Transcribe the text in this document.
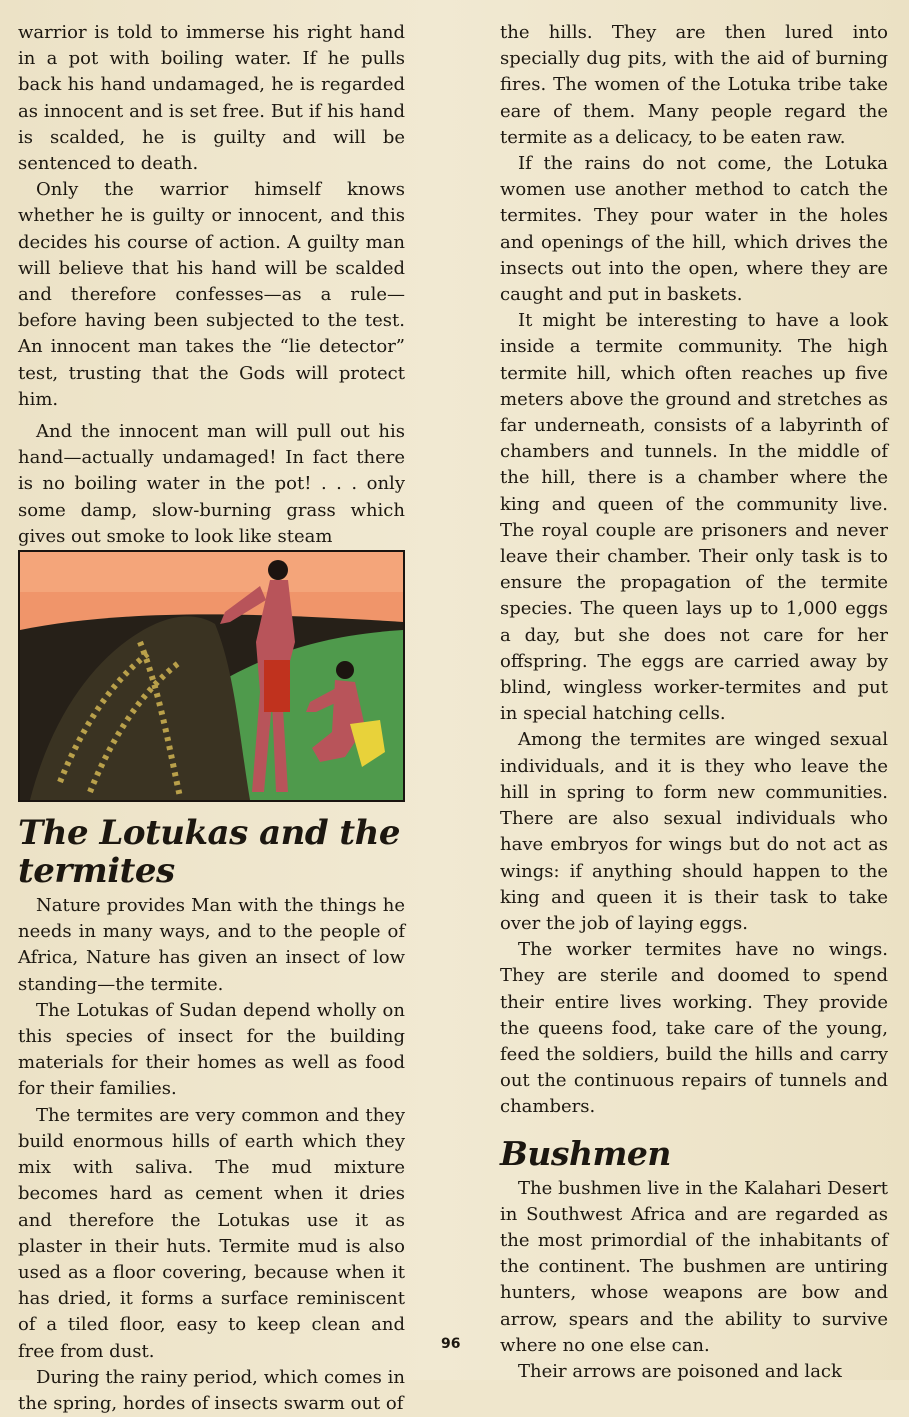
warrior is told to immerse his right hand in a pot with boiling water. If he pulls back his hand undamaged, he is regarded as innocent and is set free. But if his hand is scalded, he is guilty and will be sentenced to death.

Only the warrior himself knows whether he is guilty or innocent, and this decides his course of action. A guilty man will believe that his hand will be scalded and therefore confesses—as a rule—before having been subjected to the test. An innocent man takes the “lie detector” test, trusting that the Gods will protect him.

And the innocent man will pull out his hand—actually undamaged! In fact there is no boiling water in the pot! . . . only some damp, slow-burning grass which gives out smoke to look like steam

The Lotukas and the termites

Nature provides Man with the things he needs in many ways, and to the people of Africa, Nature has given an insect of low standing—the termite.

The Lotukas of Sudan depend wholly on this species of insect for the building materials for their homes as well as food for their families.

The termites are very common and they build enormous hills of earth which they mix with saliva. The mud mixture becomes hard as cement when it dries and therefore the Lotukas use it as plaster in their huts. Termite mud is also used as a floor covering, because when it has dried, it forms a surface reminiscent of a tiled floor, easy to keep clean and free from dust.

During the rainy period, which comes in the spring, hordes of insects swarm out of

the hills. They are then lured into specially dug pits, with the aid of burning fires. The women of the Lotuka tribe take eare of them. Many people regard the termite as a delicacy, to be eaten raw.

If the rains do not come, the Lotuka women use another method to catch the termites. They pour water in the holes and openings of the hill, which drives the insects out into the open, where they are caught and put in baskets.

It might be interesting to have a look inside a termite community. The high termite hill, which often reaches up five meters above the ground and stretches as far underneath, consists of a labyrinth of chambers and tunnels. In the middle of the hill, there is a chamber where the king and queen of the community live. The royal couple are prisoners and never leave their chamber. Their only task is to ensure the propagation of the termite species. The queen lays up to 1,000 eggs a day, but she does not care for her offspring. The eggs are carried away by blind, wingless worker-termites and put in special hatching cells.

Among the termites are winged sexual individuals, and it is they who leave the hill in spring to form new communities. There are also sexual individuals who have embryos for wings but do not act as wings: if anything should happen to the king and queen it is their task to take over the job of laying eggs.

The worker termites have no wings. They are sterile and doomed to spend their entire lives working. They provide the queens food, take care of the young, feed the soldiers, build the hills and carry out the continuous repairs of tunnels and chambers.

Bushmen

The bushmen live in the Kalahari Desert in Southwest Africa and are regarded as the most primordial of the inhabitants of the continent. The bushmen are untiring hunters, whose weapons are bow and arrow, spears and the ability to survive where no one else can.

Their arrows are poisoned and lack

96
